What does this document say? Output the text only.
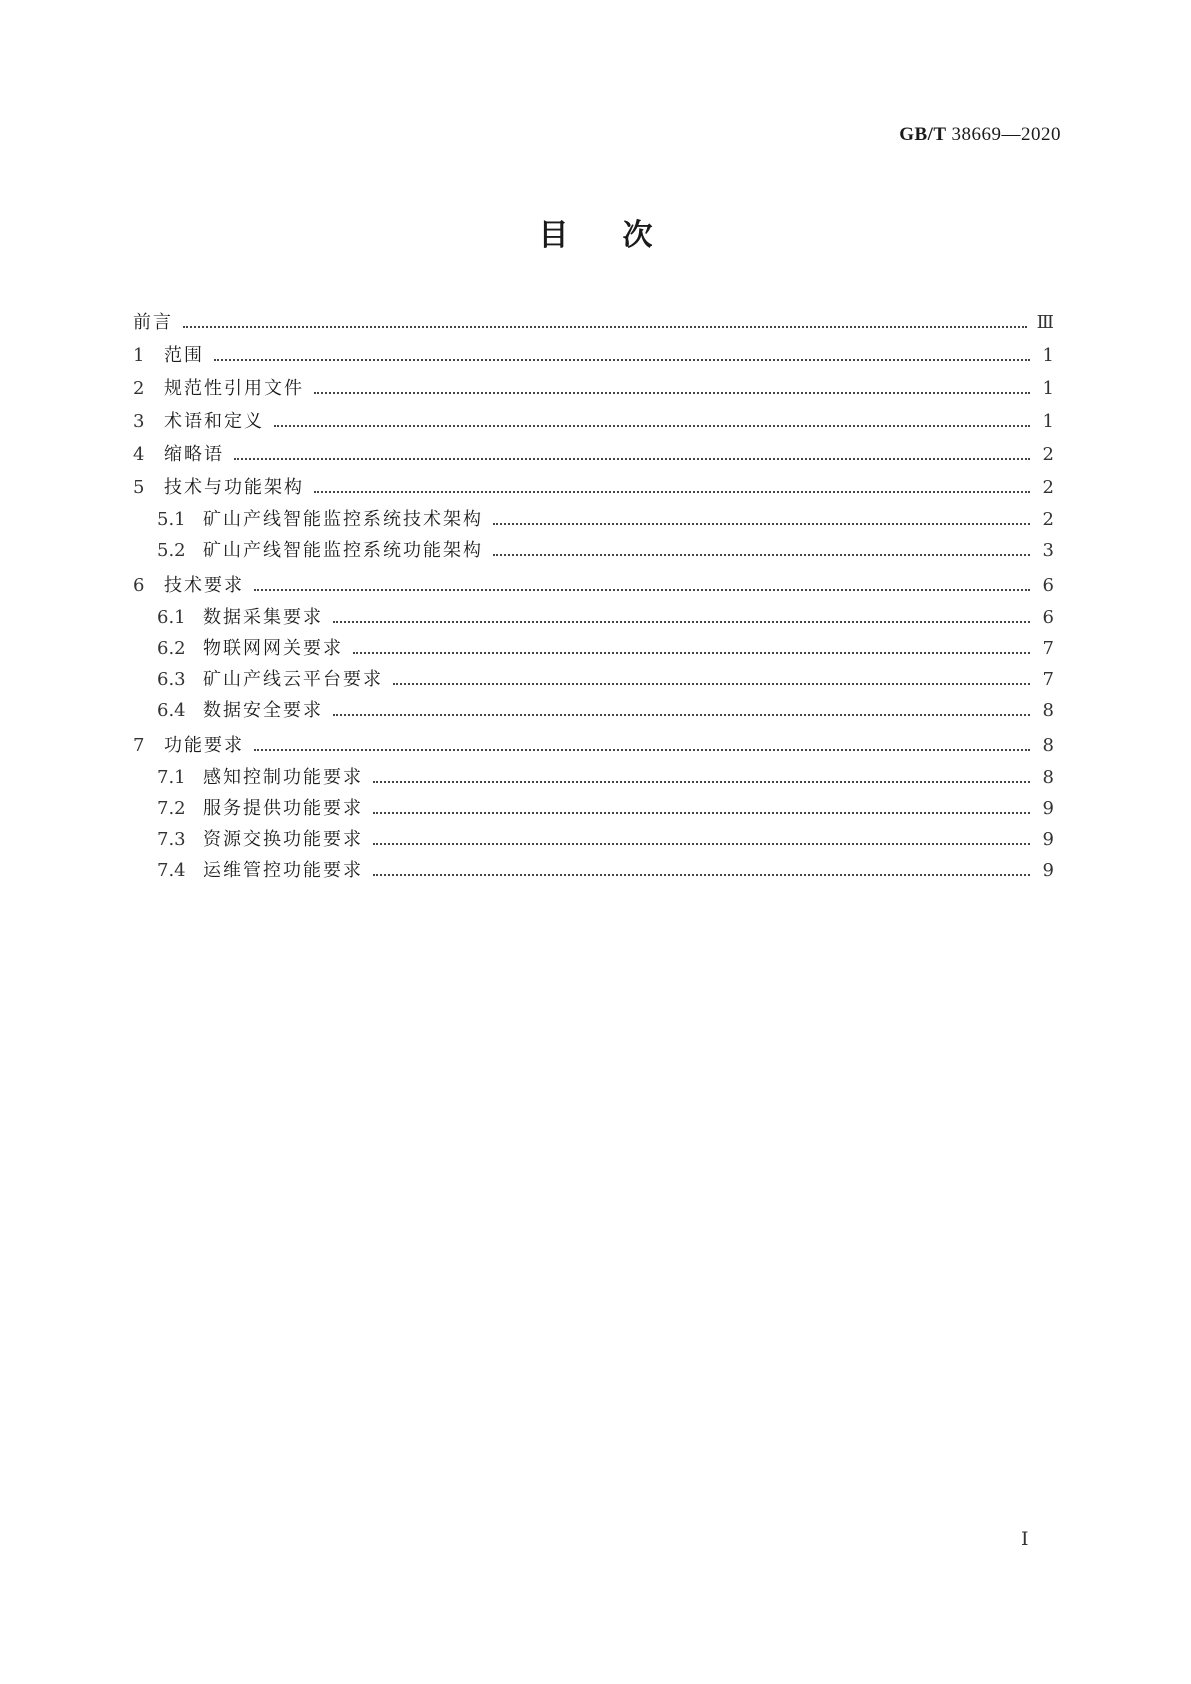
GB/T 38669—2020
目次
前言	Ⅲ
1	范围	1
2	规范性引用文件	1
3	术语和定义	1
4	缩略语	2
5	技术与功能架构	2
5.1 矿山产线智能监控系统技术架构	2
5.2 矿山产线智能监控系统功能架构	3
6	技术要求	6
6.1 数据采集要求	6
6.2 物联网网关要求	7
6.3 矿山产线云平台要求	7
6.4 数据安全要求	8
7	功能要求	8
7.1 感知控制功能要求	8
7.2 服务提供功能要求	9
7.3 资源交换功能要求	9
7.4 运维管控功能要求	9
I
